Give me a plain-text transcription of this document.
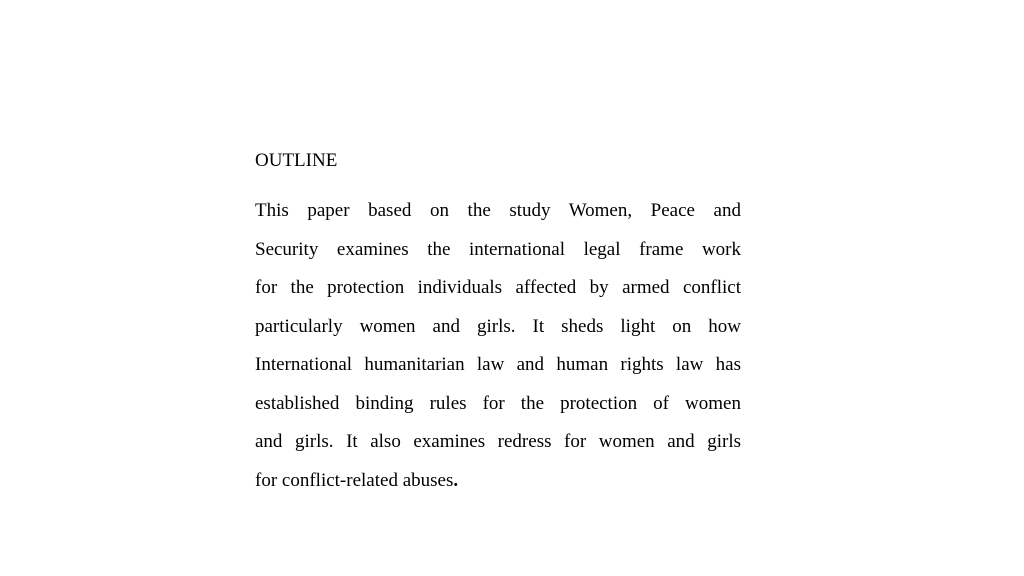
OUTLINE
This paper based on the study Women, Peace and
Security examines the international legal frame work
for the protection individuals affected by armed conflict
particularly women and girls. It sheds light on how
International humanitarian law and human rights law has
established binding rules for the protection of women
and girls. It also examines redress for women and girls
for conflict-related abuses.
